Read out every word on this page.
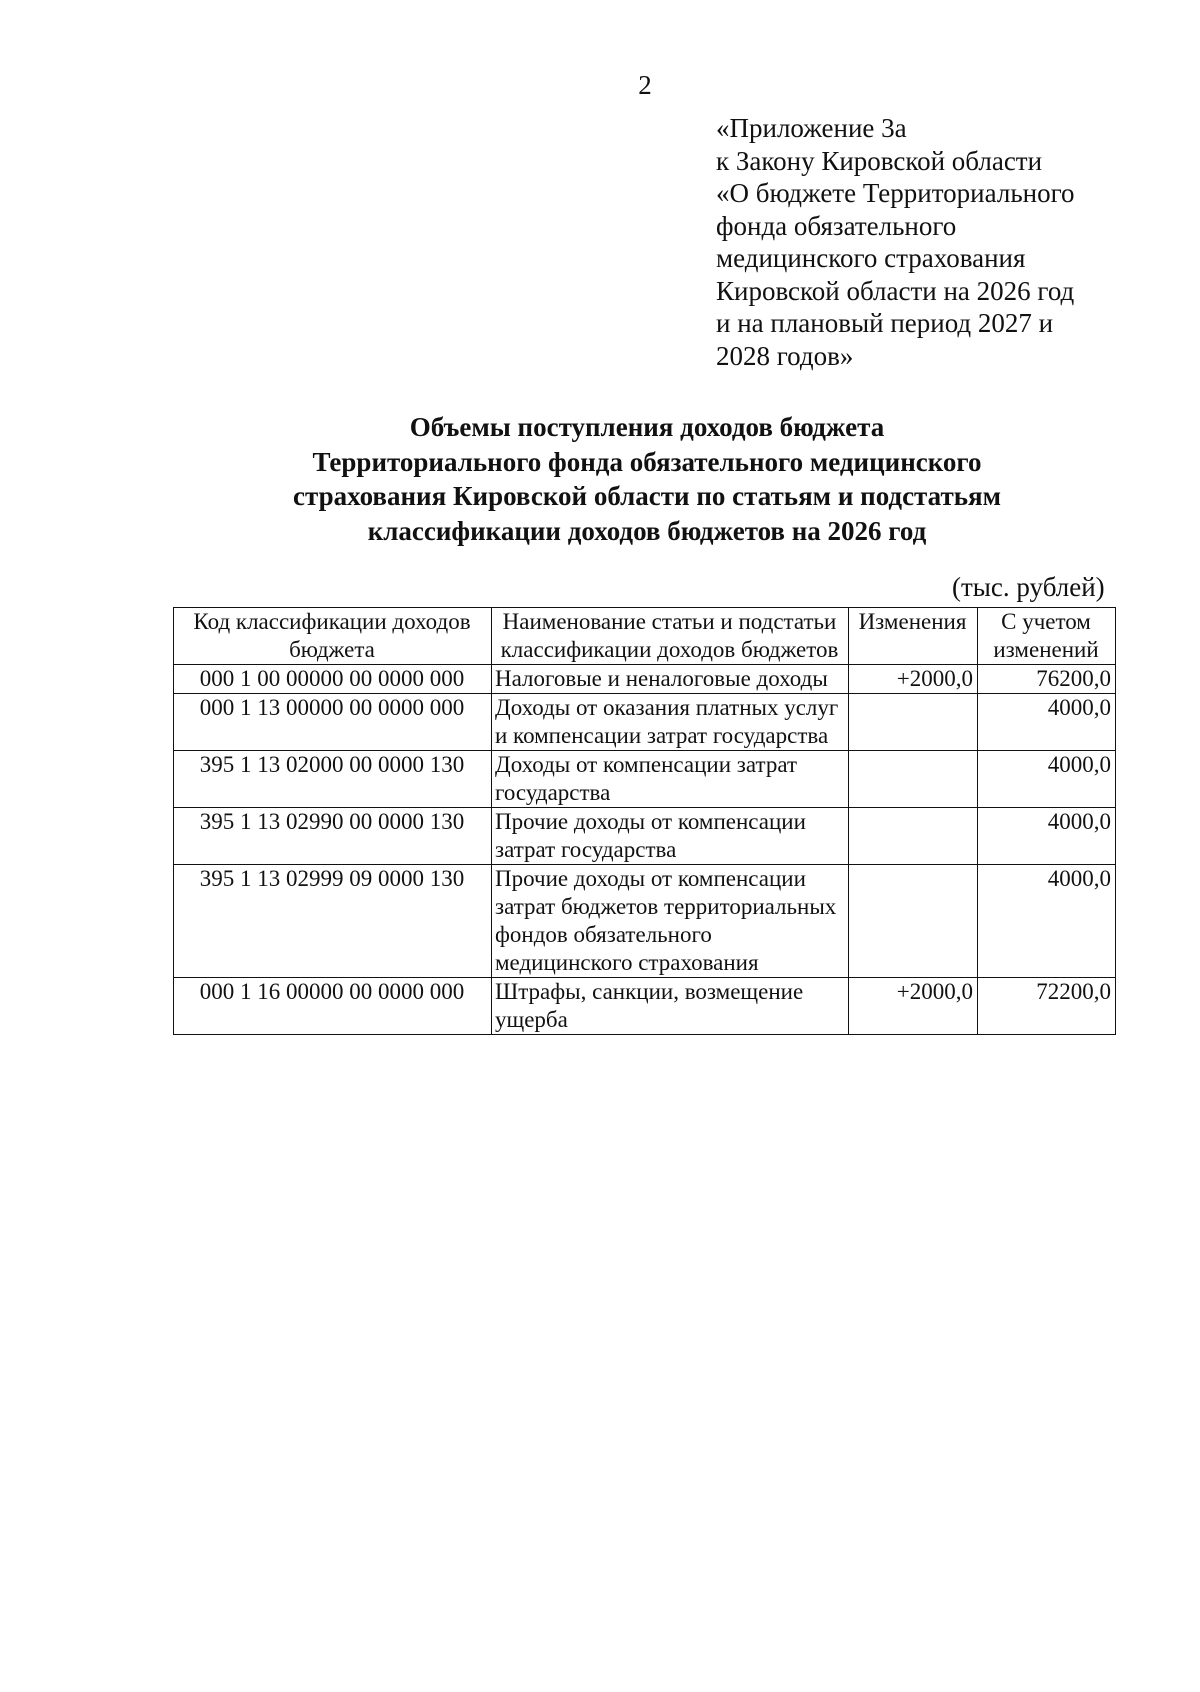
2
«Приложение 3а
к Закону Кировской области
«О бюджете Территориального
фонда обязательного
медицинского страхования
Кировской области на 2026 год
и на плановый период 2027 и
2028 годов»
Объемы поступления доходов бюджета
Территориального фонда обязательного медицинского
страхования Кировской области по статьям и подстатьям
классификации доходов бюджетов на 2026 год
(тыс. рублей)
Код классификации доходов бюджета	Наименование статьи и подстатьи классификации доходов бюджетов	Изменения	С учетом изменений
000 1 00 00000 00 0000 000	Налоговые и неналоговые доходы	+2000,0	76200,0
000 1 13 00000 00 0000 000	Доходы от оказания платных услуг и компенсации затрат государства		4000,0
395 1 13 02000 00 0000 130	Доходы от компенсации затрат государства		4000,0
395 1 13 02990 00 0000 130	Прочие доходы от компенсации затрат государства		4000,0
395 1 13 02999 09 0000 130	Прочие доходы от компенсации затрат бюджетов территориальных фондов обязательного медицинского страхования		4000,0
000 1 16 00000 00 0000 000	Штрафы, санкции, возмещение ущерба	+2000,0	72200,0
